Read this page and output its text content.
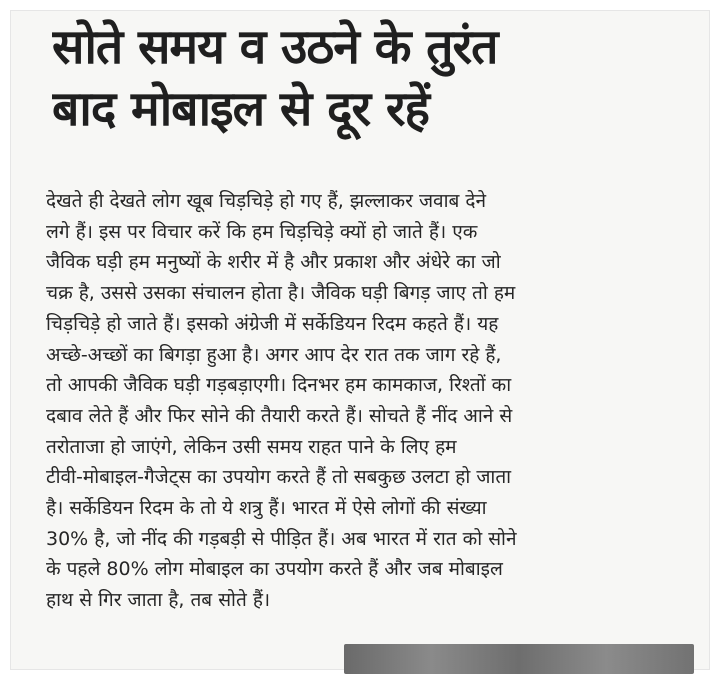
सोते समय व उठने के तुरंत
बाद मोबाइल से दूर रहें

देखते ही देखते लोग खूब चिड़चिड़े हो गए हैं, झल्लाकर जवाब देने
लगे हैं। इस पर विचार करें कि हम चिड़चिड़े क्यों हो जाते हैं। एक
जैविक घड़ी हम मनुष्यों के शरीर में है और प्रकाश और अंधेरे का जो
चक्र है, उससे उसका संचालन होता है। जैविक घड़ी बिगड़ जाए तो हम
चिड़चिड़े हो जाते हैं। इसको अंग्रेजी में सर्केडियन रिदम कहते हैं। यह
अच्छे-अच्छों का बिगड़ा हुआ है। अगर आप देर रात तक जाग रहे हैं,
तो आपकी जैविक घड़ी गड़बड़ाएगी। दिनभर हम कामकाज, रिश्तों का
दबाव लेते हैं और फिर सोने की तैयारी करते हैं। सोचते हैं नींद आने से
तरोताजा हो जाएंगे, लेकिन उसी समय राहत पाने के लिए हम
टीवी-मोबाइल-गैजेट्स का उपयोग करते हैं तो सबकुछ उलटा हो जाता
है। सर्केडियन रिदम के तो ये शत्रु हैं। भारत में ऐसे लोगों की संख्या
30% है, जो नींद की गड़बड़ी से पीड़ित हैं। अब भारत में रात को सोने
के पहले 80% लोग मोबाइल का उपयोग करते हैं और जब मोबाइल
हाथ से गिर जाता है, तब सोते हैं।
